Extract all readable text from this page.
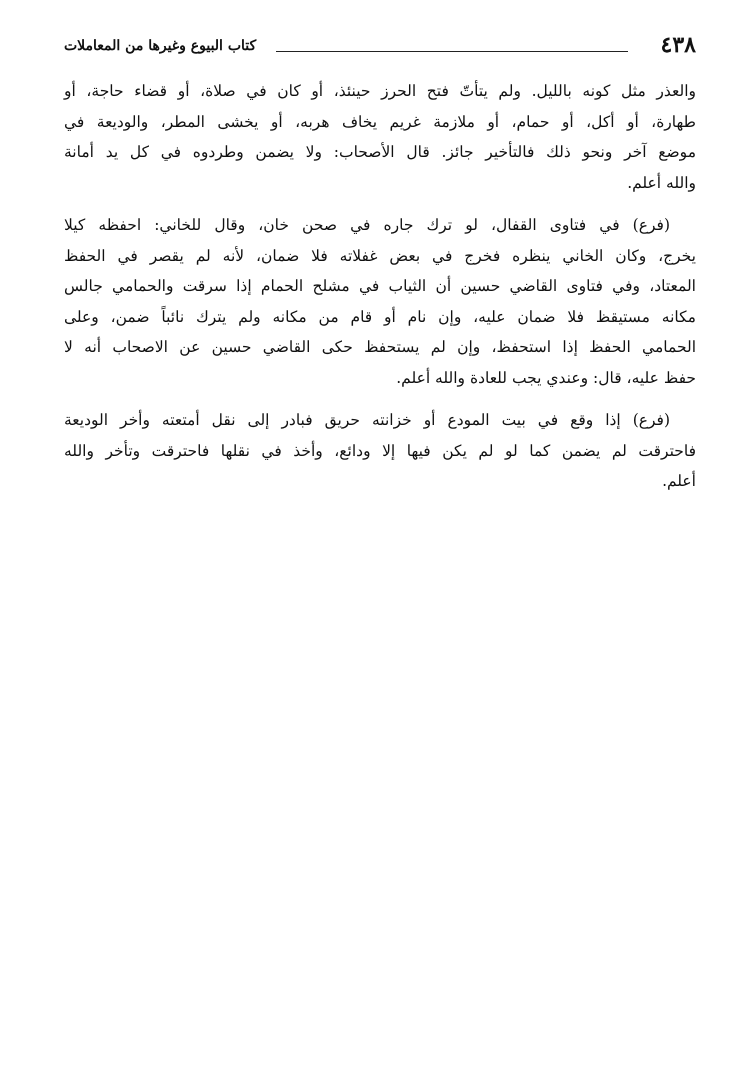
٤٣٨
كتاب البيوع وغيرها من المعاملات

والعذر مثل كونه بالليل. ولم يتأتّ فتح الحرز حينئذ، أو كان في صلاة، أو قضاء حاجة، أو
طهارة، أو أكل، أو حمام، أو ملازمة غريم يخاف هربه، أو يخشى المطر، والوديعة في
موضع آخر ونحو ذلك فالتأخير جائز. قال الأصحاب: ولا يضمن وطردوه في كل يد أمانة
والله أعلم.

(فرع) في فتاوى القفال، لو ترك جاره في صحن خان، وقال للخاني: احفظه كيلا
يخرج، وكان الخاني ينظره فخرج في بعض غفلاته فلا ضمان، لأنه لم يقصر في الحفظ
المعتاد، وفي فتاوى القاضي حسين أن الثياب في مشلح الحمام إذا سرقت والحمامي جالس
مكانه مستيقظ فلا ضمان عليه، وإن نام أو قام من مكانه ولم يترك نائباً ضمن، وعلى
الحمامي الحفظ إذا استحفظ، وإن لم يستحفظ حكى القاضي حسين عن الاصحاب أنه لا
حفظ عليه، قال: وعندي يجب للعادة والله أعلم.

(فرع) إذا وقع في بيت المودع أو خزانته حريق فبادر إلى نقل أمتعته وأخر الوديعة
فاحترقت لم يضمن كما لو لم يكن فيها إلا ودائع، وأخذ في نقلها فاحترقت وتأخر والله
أعلم.
